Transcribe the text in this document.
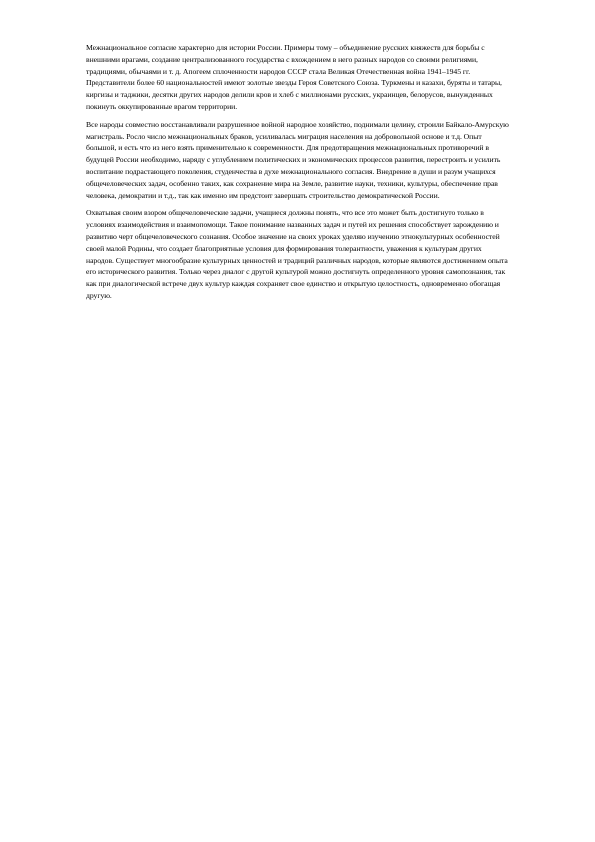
Межнациональное согласие характерно для истории России. Примеры тому – объединение русских княжеств для борьбы с внешними врагами, создание централизованного государства с вхождением в него разных народов со своими религиями, традициями, обычаями и т. д. Апогеем сплоченности народов СССР стала Великая Отечественная война 1941–1945 гг. Представители более 60 национальностей имеют золотые звезды Героя Советского Союза. Туркмены и казахи, буряты и татары, киргизы и таджики, десятки других народов делили кров и хлеб с миллионами русских, украинцев, белорусов, вынужденных покинуть оккупированные врагом территории.

Все народы совместно восстанавливали разрушенное войной народное хозяйство, поднимали целину, строили Байкало-Амурскую магистраль. Росло число межнациональных браков, усиливалась миграция населения на добровольной основе и т.д. Опыт большой, и есть что из него взять применительно к современности. Для предотвращения межнациональных противоречий в будущей России необходимо, наряду с углублением политических и экономических процессов развития, перестроить и усилить воспитание подрастающего поколения, студенчества в духе межнационального согласия. Внедрение в души и разум учащихся общечеловеческих задач, особенно таких, как сохранение мира на Земле, развитие науки, техники, культуры, обеспечение прав человека, демократии и т.д., так как именно им предстоит завершать строительство демократической России.

Охватывая своим взором общечеловеческие задачи, учащиеся должны понять, что все это может быть достигнуто только в условиях взаимодействия и взаимопомощи. Такое понимание названных задач и путей их решения способствует зарождению и развитию черт общечеловеческого сознания. Особое значение на своих уроках уделяю изучению этнокультурных особенностей своей малой Родины, что создает благоприятные условия для формирования толерантности, уважения к культурам других народов. Существует многообразие культурных ценностей и традиций различных народов, которые являются достижением опыта его исторического развития. Только через диалог с другой культурой можно достигнуть определенного уровня самопознания, так как при диалогической встрече двух культур каждая сохраняет свое единство и открытую целостность, одновременно обогащая другую.
